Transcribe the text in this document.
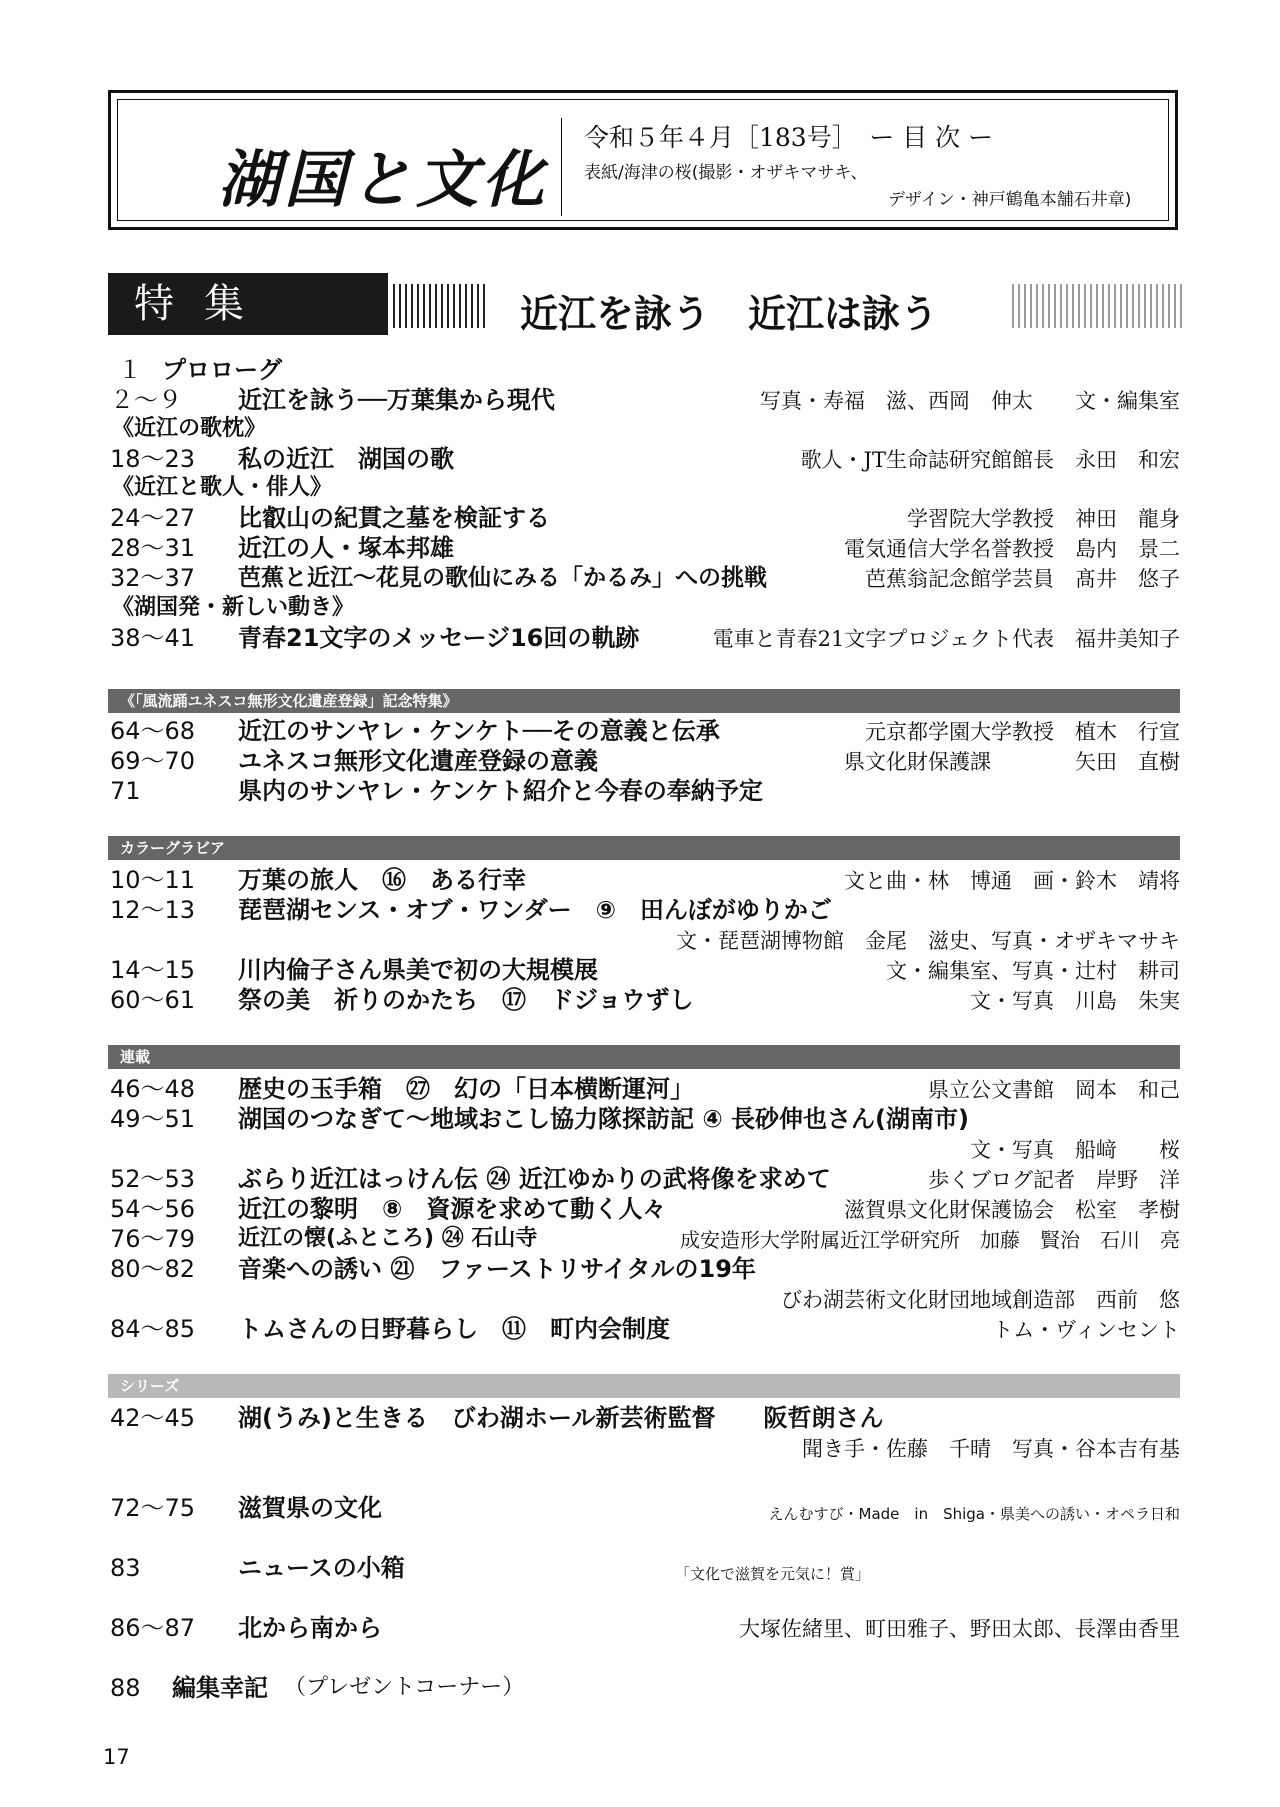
湖国と文化
令和５年４月［183号］　ー 目 次 ー
表紙/海津の桜(撮影・オザキマサキ、
デザイン・神戸鶴亀本舗石井章)
特集	近江を詠う　近江は詠う
１ プロローグ
２～９ 近江を詠う──万葉集から現代	写真・寿福　滋、西岡　伸太　　文・編集室
《近江の歌枕》
18～23 私の近江　湖国の歌	歌人・JT生命誌研究館館長　永田　和宏
《近江と歌人・俳人》
24～27 比叡山の紀貫之墓を検証する	学習院大学教授　神田　龍身
28～31 近江の人・塚本邦雄	電気通信大学名誉教授　島内　景二
32～37 芭蕉と近江～花見の歌仙にみる「かるみ」への挑戦	芭蕉翁記念館学芸員　髙井　悠子
《湖国発・新しい動き》
38～41 青春21文字のメッセージ16回の軌跡	電車と青春21文字プロジェクト代表　福井美知子
《「風流踊ユネスコ無形文化遺産登録」記念特集》
64～68 近江のサンヤレ・ケンケト──その意義と伝承	元京都学園大学教授　植木　行宣
69～70 ユネスコ無形文化遺産登録の意義	県文化財保護課　　　　矢田　直樹
71	県内のサンヤレ・ケンケト紹介と今春の奉納予定
カラーグラビア
10～11 万葉の旅人　⑯　ある行幸	文と曲・林　博通　画・鈴木　靖将
12～13 琵琶湖センス・オブ・ワンダー　⑨　田んぼがゆりかご
文・琵琶湖博物館　金尾　滋史、写真・オザキマサキ
14～15 川内倫子さん県美で初の大規模展	文・編集室、写真・辻村　耕司
60～61 祭の美　祈りのかたち　⑰　ドジョウずし	文・写真　川島　朱実
連載
46～48 歴史の玉手箱　㉗　幻の「日本横断運河」	県立公文書館　岡本　和己
49～51 湖国のつなぎて～地域おこし協力隊探訪記 ④ 長砂伸也さん(湖南市)
文・写真　船﨑　　桜
52～53 ぶらり近江はっけん伝 ㉔ 近江ゆかりの武将像を求めて	歩くブログ記者　岸野　洋
54～56 近江の黎明　⑧　資源を求めて動く人々	滋賀県文化財保護協会　松室　孝樹
76～79 近江の懐(ふところ) ㉔ 石山寺	成安造形大学附属近江学研究所　加藤　賢治　石川　亮
80～82 音楽への誘い ㉑　ファーストリサイタルの19年
びわ湖芸術文化財団地域創造部　西前　悠
84～85 トムさんの日野暮らし　⑪　町内会制度	トム・ヴィンセント
シリーズ
42～45 湖(うみ)と生きる　びわ湖ホール新芸術監督　　阪哲朗さん
聞き手・佐藤　千晴　写真・谷本吉有基
72～75 滋賀県の文化	えんむすび・Made　in　Shiga・県美への誘い・オペラ日和
83	ニュースの小箱	「文化で滋賀を元気に！賞」
86～87 北から南から	大塚佐緒里、町田雅子、野田太郎、長澤由香里
88 編集幸記 （プレゼントコーナー）
17
